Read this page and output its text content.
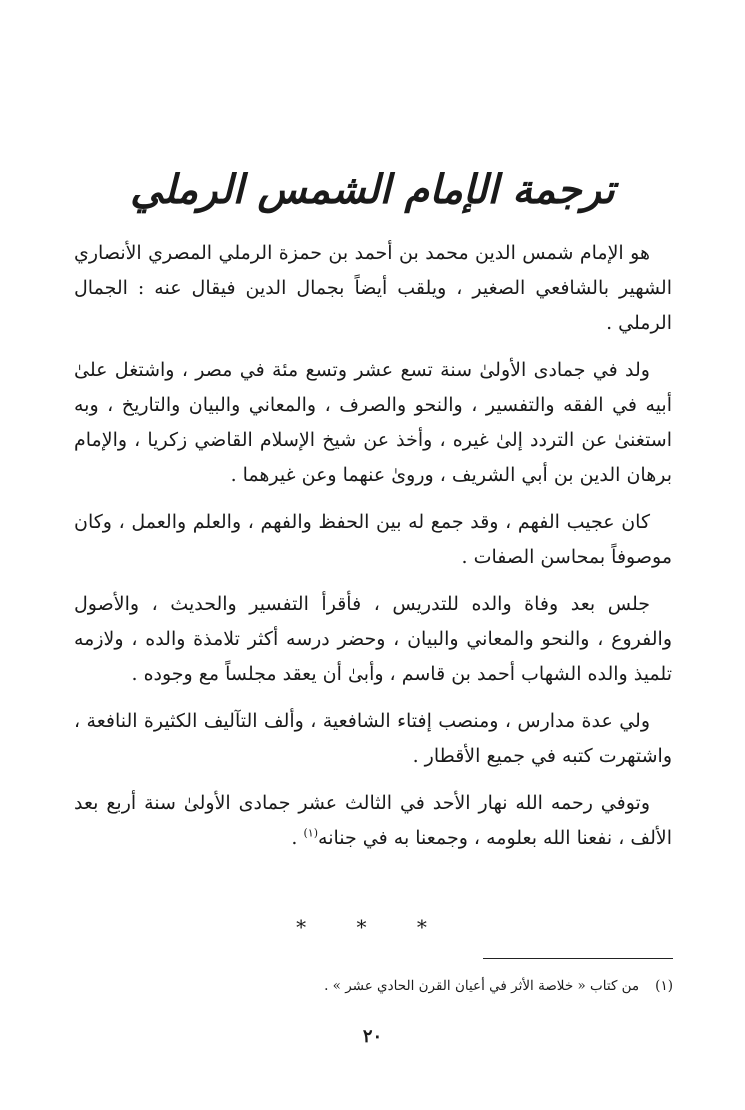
ترجمة الإمام الشمس الرملي

هو الإمام شمس الدين محمد بن أحمد بن حمزة الرملي المصري الأنصاري الشهير بالشافعي الصغير ، ويلقب أيضاً بجمال الدين فيقال عنه : الجمال الرملي .

ولد في جمادى الأولىٰ سنة تسع عشر وتسع مئة في مصر ، واشتغل علىٰ أبيه في الفقه والتفسير ، والنحو والصرف ، والمعاني والبيان والتاريخ ، وبه استغنىٰ عن التردد إلىٰ غيره ، وأخذ عن شيخ الإسلام القاضي زكريا ، والإمام برهان الدين بن أبي الشريف ، وروىٰ عنهما وعن غيرهما .

كان عجيب الفهم ، وقد جمع له بين الحفظ والفهم ، والعلم والعمل ، وكان موصوفاً بمحاسن الصفات .

جلس بعد وفاة والده للتدريس ، فأقرأ التفسير والحديث ، والأصول والفروع ، والنحو والمعاني والبيان ، وحضر درسه أكثر تلامذة والده ، ولازمه تلميذ والده الشهاب أحمد بن قاسم ، وأبىٰ أن يعقد مجلساً مع وجوده .

ولي عدة مدارس ، ومنصب إفتاء الشافعية ، وألف التآليف الكثيرة النافعة ، واشتهرت كتبه في جميع الأقطار .

وتوفي رحمه الله نهار الأحد في الثالث عشر جمادى الأولىٰ سنة أربع بعد الألف ، نفعنا الله بعلومه ، وجمعنا به في جنانه$^{(١)}$ .

* * *
(١)من كتاب « خلاصة الأثر في أعيان القرن الحادي عشر » .
٢٠
